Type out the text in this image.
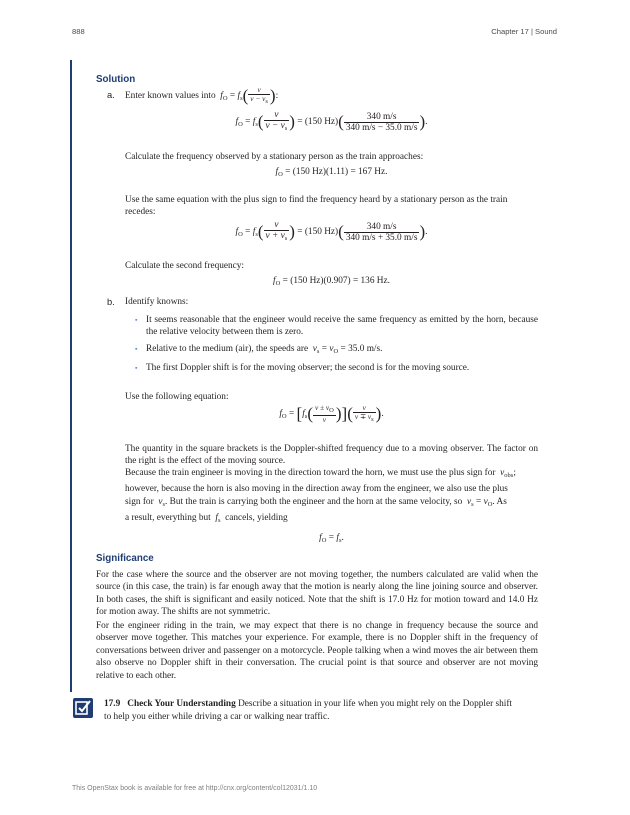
888	Chapter 17 | Sound
Solution
a. Enter known values into  $f_O = f_s( \frac{v}{v - vs}$ ):
$f_O = f_s( \frac{v}{v - v_s}$ ) = (150 $Hz)( \frac{340 m/s}{340 m/s - 35.0 m/s}$ ).
Calculate the frequency observed by a stationary person as the train approaches:
$f_O = (150$ Hz)(1.11) = 167 Hz.
Use the same equation with the plus sign to find the frequency heard by a stationary person as the train recedes:
$f_O = f_s( \frac{v}{v + v_s}$ ) = (150 $Hz)( \frac{340 m/s}{340 m/s + 35.0 m/s}$ ).
Calculate the second frequency:
$f_O = (150$ Hz)(0.907) = 136 Hz.
b. Identify knowns:
▪ It seems reasonable that the engineer would receive the same frequency as emitted by the horn, because the relative velocity between them is zero.
▪ Relative to the medium (air), the speeds are $v_s = v_O = 35.0$ m/s.
▪ The first Doppler shift is for the moving observer; the second is for the moving source.
Use the following equation:
$f_O = [f_s( \frac{v \pm vO}{v}$ )]( $\frac{v}{v \mp vs}$ ).
The quantity in the square brackets is the Doppler-shifted frequency due to a moving observer. The factor on the right is the effect of the moving source.
Because the train engineer is moving in the direction toward the horn, we must use the plus sign for $v_{obs}$;
however, because the horn is also moving in the direction away from the engineer, we also use the plus
sign for $v_s$. But the train is carrying both the engineer and the horn at the same velocity, so $v_s = v_O$. As
a result, everything but $f_s$ cancels, yielding
$f_O = f_s$.
Significance
For the case where the source and the observer are not moving together, the numbers calculated are valid when the source (in this case, the train) is far enough away that the motion is nearly along the line joining source and observer. In both cases, the shift is significant and easily noticed. Note that the shift is 17.0 Hz for motion toward and 14.0 Hz for motion away. The shifts are not symmetric.
For the engineer riding in the train, we may expect that there is no change in frequency because the source and observer move together. This matches your experience. For example, there is no Doppler shift in the frequency of conversations between driver and passenger on a motorcycle. People talking when a wind moves the air between them also observe no Doppler shift in their conversation. The crucial point is that source and observer are not moving relative to each other.
17.9 Check Your Understanding Describe a situation in your life when you might rely on the Doppler shift
to help you either while driving a car or walking near traffic.
This OpenStax book is available for free at http://cnx.org/content/col12031/1.10
